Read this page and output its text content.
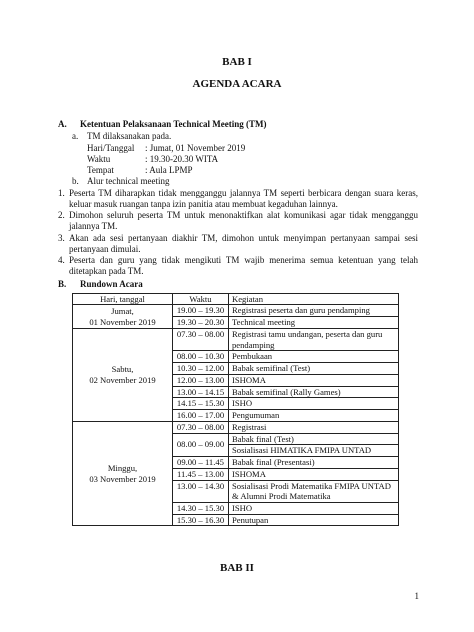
BAB I
AGENDA ACARA
A. Ketentuan Pelaksanaan Technical Meeting (TM)
a. TM dilaksanakan pada.
Hari/Tanggal	: Jumat, 01 November 2019
Waktu	: 19.30-20.30 WITA
Tempat	: Aula LPMP
b. Alur technical meeting
1. Peserta TM diharapkan tidak mengganggu jalannya TM seperti berbicara dengan suara keras, keluar masuk ruangan tanpa izin panitia atau membuat kegaduhan lainnya.
2. Dimohon seluruh peserta TM untuk menonaktifkan alat komunikasi agar tidak mengganggu jalannya TM.
3. Akan ada sesi pertanyaan diakhir TM, dimohon untuk menyimpan pertanyaan sampai sesi pertanyaan dimulai.
4. Peserta dan guru yang tidak mengikuti TM wajib menerima semua ketentuan yang telah ditetapkan pada TM.
B. Rundown Acara
Hari, tanggal	Waktu	Kegiatan
Jumat,
01 November 2019	19.00 – 19.30	Registrasi peserta dan guru pendamping
	19.30 – 20.30	Technical meeting
Sabtu,
02 November 2019	07.30 – 08.00	Registrasi tamu undangan, peserta dan guru pendamping
	08.00 – 10.30	Pembukaan
	10.30 – 12.00	Babak semifinal (Test)
	12.00 – 13.00	ISHOMA
	13.00 – 14.15	Babak semifinal (Rally Games)
	14.15 – 15.30	ISHO
	16.00 – 17.00	Pengumuman
Minggu,
03 November 2019	07.30 – 08.00	Registrasi
	08.00 – 09.00	Babak final (Test)
		Sosialisasi HIMATIKA FMIPA UNTAD
	09.00 – 11.45	Babak final (Presentasi)
	11.45 – 13.00	ISHOMA
	13.00 – 14.30	Sosialisasi Prodi Matematika FMIPA UNTAD & Alumni Prodi Matematika
	14.30 – 15.30	ISHO
	15.30 – 16.30	Penutupan
BAB II
1
